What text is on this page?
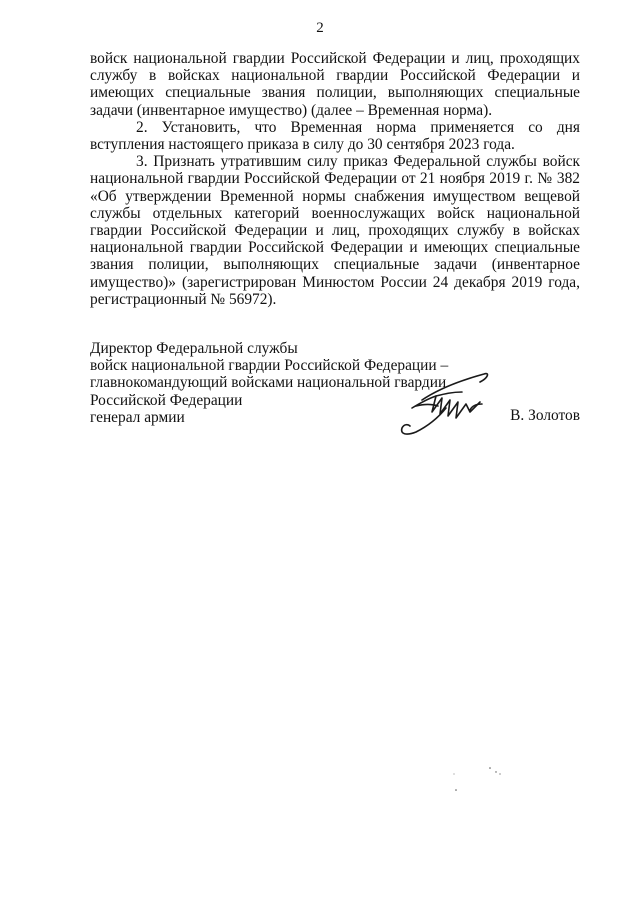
2

войск национальной гвардии Российской Федерации и лиц, проходящих службу в войсках национальной гвардии Российской Федерации и имеющих специальные звания полиции, выполняющих специальные задачи (инвентарное имущество) (далее – Временная норма).

2. Установить, что Временная норма применяется со дня вступления настоящего приказа в силу до 30 сентября 2023 года.

3. Признать утратившим силу приказ Федеральной службы войск национальной гвардии Российской Федерации от 21 ноября 2019 г. № 382 «Об утверждении Временной нормы снабжения имуществом вещевой службы отдельных категорий военнослужащих войск национальной гвардии Российской Федерации и лиц, проходящих службу в войсках национальной гвардии Российской Федерации и имеющих специальные звания полиции, выполняющих специальные задачи (инвентарное имущество)» (зарегистрирован Минюстом России 24 декабря 2019 года, регистрационный № 56972).

Директор Федеральной службы
войск национальной гвардии Российской Федерации –
главнокомандующий войсками национальной гвардии
Российской Федерации
генерал армии	В. Золотов
